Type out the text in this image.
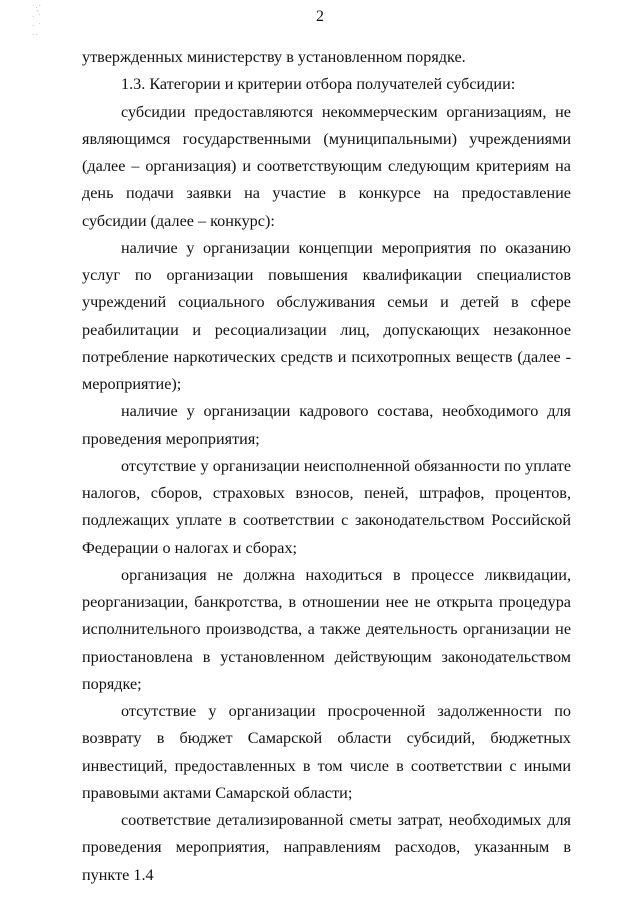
2
˙·̰`
· ´
· ˙
··

утвержденных министерству в установленном порядке.

1.3. Категории и критерии отбора получателей субсидии:

субсидии предоставляются некоммерческим организациям, не являющимся государственными (муниципальными) учреждениями (далее – организация) и соответствующим следующим критериям на день подачи заявки на участие в конкурсе на предоставление субсидии (далее – конкурс):

наличие у организации концепции мероприятия по оказанию услуг по организации повышения квалификации специалистов учреждений социального обслуживания семьи и детей в сфере реабилитации и ресоциализации лиц, допускающих незаконное потребление наркотических средств и психотропных веществ (далее - мероприятие);

наличие у организации кадрового состава, необходимого для проведения мероприятия;

отсутствие у организации неисполненной обязанности по уплате налогов, сборов, страховых взносов, пеней, штрафов, процентов, подлежащих уплате в соответствии с законодательством Российской Федерации о налогах и сборах;

организация не должна находиться в процессе ликвидации, реорганизации, банкротства, в отношении нее не открыта процедура исполнительного производства, а также деятельность организации не приостановлена в установленном действующим законодательством порядке;

отсутствие у организации просроченной задолженности по возврату в бюджет Самарской области субсидий, бюджетных инвестиций, предоставленных в том числе в соответствии с иными правовыми актами Самарской области;

соответствие детализированной сметы затрат, необходимых для проведения мероприятия, направлениям расходов, указанным в пункте 1.4
